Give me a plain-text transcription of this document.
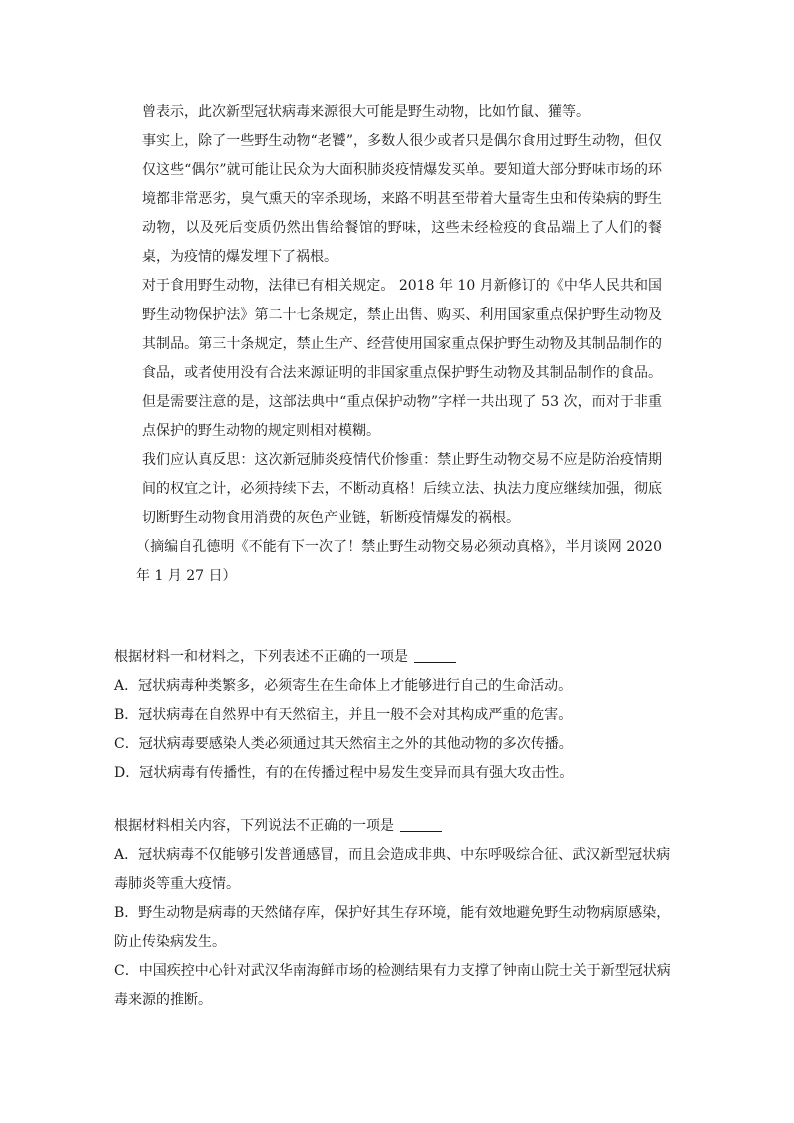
曾表示，此次新型冠状病毒来源很大可能是野生动物，比如竹鼠、獾等。

事实上，除了一些野生动物“老饕”，多数人很少或者只是偶尔食用过野生动物，但仅仅这些“偶尔”就可能让民众为大面积肺炎疫情爆发买单。要知道大部分野味市场的环境都非常恶劣，臭气熏天的宰杀现场，来路不明甚至带着大量寄生虫和传染病的野生动物，以及死后变质仍然出售给餐馆的野味，这些未经检疫的食品端上了人们的餐桌，为疫情的爆发埋下了祸根。

对于食用野生动物，法律已有相关规定。 2018 年 10 月新修订的《中华人民共和国野生动物保护法》第二十七条规定，禁止出售、购买、利用国家重点保护野生动物及其制品。第三十条规定，禁止生产、经营使用国家重点保护野生动物及其制品制作的食品，或者使用没有合法来源证明的非国家重点保护野生动物及其制品制作的食品。但是需要注意的是，这部法典中“重点保护动物”字样一共出现了 53 次，而对于非重点保护的野生动物的规定则相对模糊。

我们应认真反思：这次新冠肺炎疫情代价惨重：禁止野生动物交易不应是防治疫情期间的权宜之计，必须持续下去，不断动真格！后续立法、执法力度应继续加强，彻底切断野生动物食用消费的灰色产业链，斩断疫情爆发的祸根。

（摘编自孔德明《不能有下一次了！禁止野生动物交易必须动真格》，半月谈网 2020 年 1 月 27 日）

根据材料一和材料之，下列表述不正确的一项是

A．冠状病毒种类繁多，必须寄生在生命体上才能够进行自己的生命活动。

B．冠状病毒在自然界中有天然宿主，并且一般不会对其构成严重的危害。

C．冠状病毒要感染人类必须通过其天然宿主之外的其他动物的多次传播。

D．冠状病毒有传播性，有的在传播过程中易发生变异而具有强大攻击性。

根据材料相关内容，下列说法不正确的一项是

A．冠状病毒不仅能够引发普通感冒，而且会造成非典、中东呼吸综合征、武汉新型冠状病毒肺炎等重大疫情。

B．野生动物是病毒的天然储存库，保护好其生存环境，能有效地避免野生动物病原感染，防止传染病发生。

C．中国疾控中心针对武汉华南海鲜市场的检测结果有力支撑了钟南山院士关于新型冠状病毒来源的推断。
